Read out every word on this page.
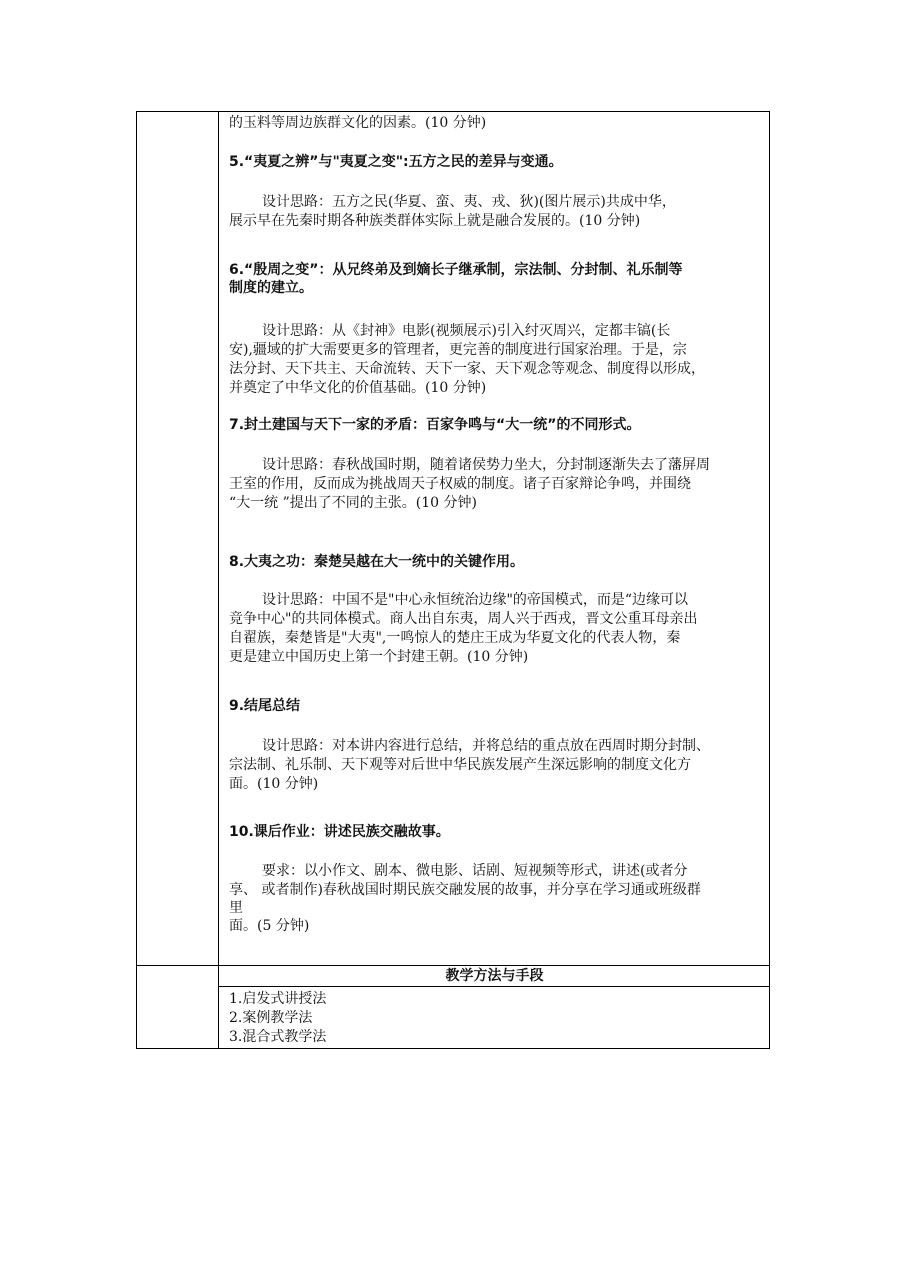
的玉料等周边族群文化的因素。(10 分钟)
5.“夷夏之辨”与"夷夏之变":五方之民的差异与变通。
设计思路：五方之民(华夏、蛮、夷、戎、狄)(图片展示)共成中华，
展示早在先秦时期各种族类群体实际上就是融合发展的。(10 分钟)
6.“殷周之变”：从兄终弟及到嫡长子继承制，宗法制、分封制、礼乐制等
制度的建立。
设计思路：从《封神》电影(视频展示)引入纣灭周兴，定都丰镐(长
安),疆域的扩大需要更多的管理者，更完善的制度进行国家治理。于是，宗
法分封、天下共主、天命流转、天下一家、天下观念等观念、制度得以形成，
并奠定了中华文化的价值基础。(10 分钟)
7.封土建国与天下一家的矛盾：百家争鸣与“大一统”的不同形式。
设计思路：春秋战国时期，随着诸侯势力坐大，分封制逐渐失去了藩屏周
王室的作用，反而成为挑战周天子权威的制度。诸子百家辩论争鸣，并围绕
“大一统 ”提出了不同的主张。(10 分钟)
8.大夷之功：秦楚吴越在大一统中的关键作用。
设计思路：中国不是"中心永恒统治边缘"的帝国模式，而是“边缘可以
竞争中心"的共同体模式。商人出自东夷，周人兴于西戎，晋文公重耳母亲出
自翟族，秦楚皆是"大夷",一鸣惊人的楚庄王成为华夏文化的代表人物，秦
更是建立中国历史上第一个封建王朝。(10 分钟)
9.结尾总结
设计思路：对本讲内容进行总结，并将总结的重点放在西周时期分封制、
宗法制、礼乐制、天下观等对后世中华民族发展产生深远影响的制度文化方
面。(10 分钟)
10.课后作业：讲述民族交融故事。
要求：以小作文、剧本、微电影、话剧、短视频等形式，讲述(或者分
享、 或者制作)春秋战国时期民族交融发展的故事，并分享在学习通或班级群
里
面。(5 分钟)
教学方法与手段
1.启发式讲授法
2.案例教学法
3.混合式教学法
